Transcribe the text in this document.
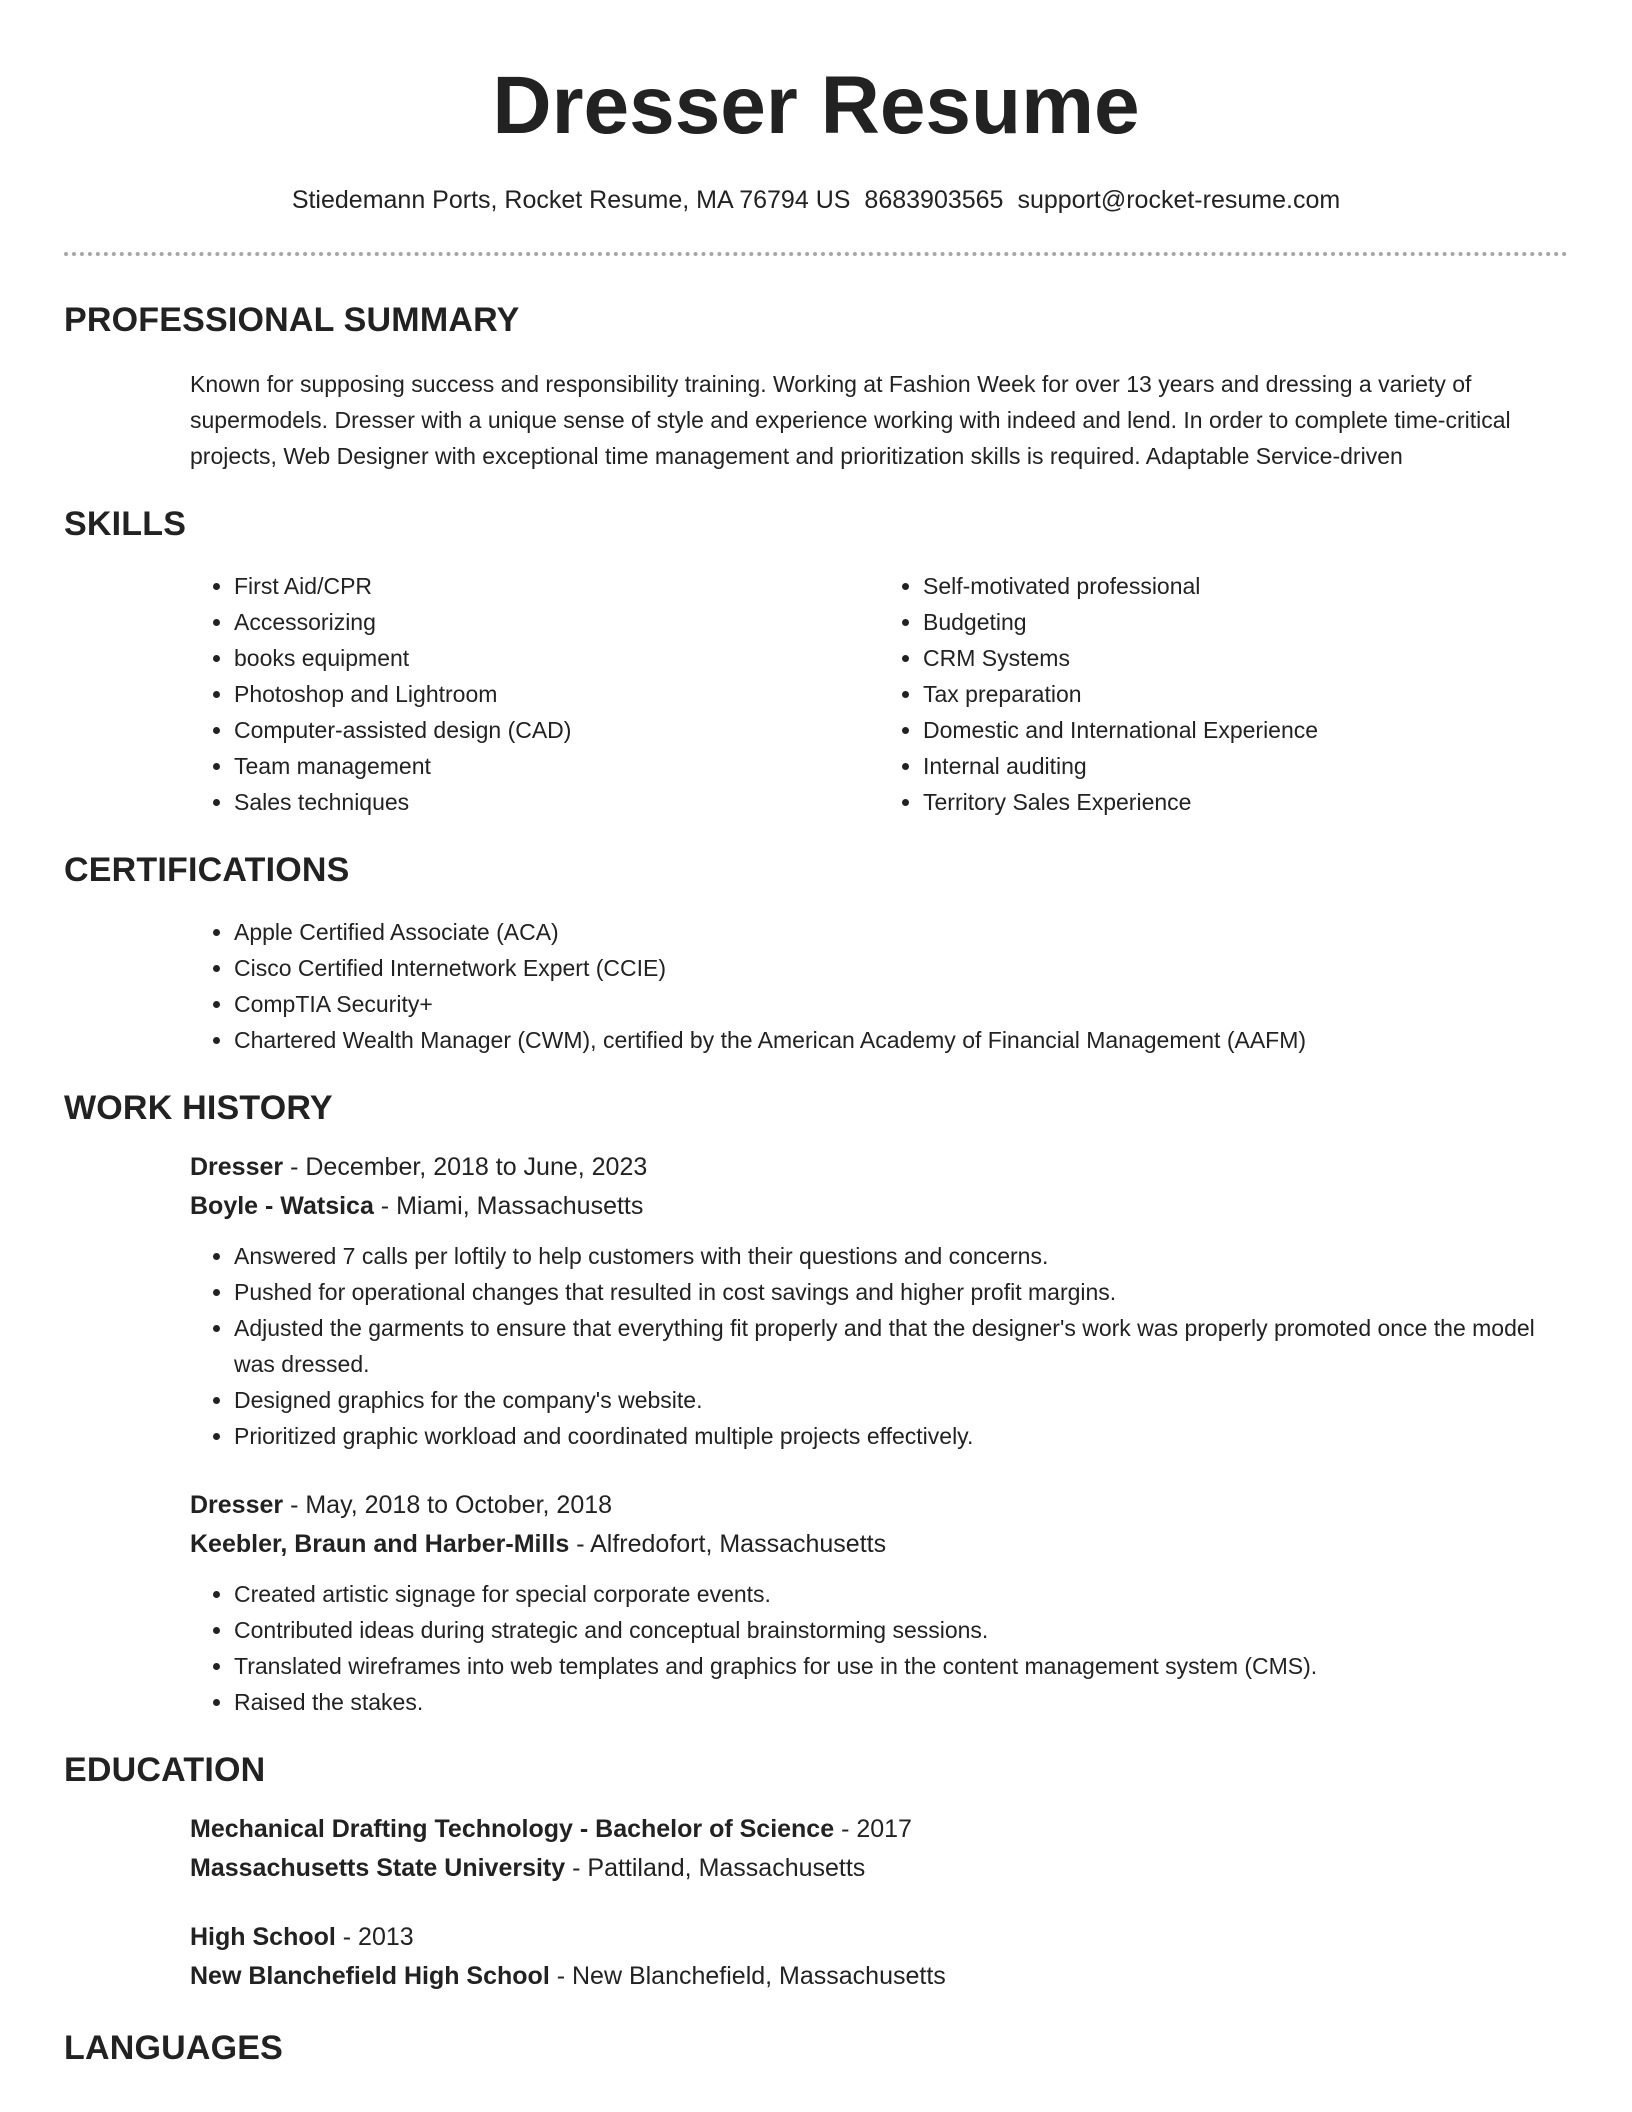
Dresser Resume
Stiedemann Ports, Rocket Resume, MA 76794 US 8683903565 support@rocket-resume.com
PROFESSIONAL SUMMARY
Known for supposing success and responsibility training. Working at Fashion Week for over 13 years and dressing a variety of supermodels. Dresser with a unique sense of style and experience working with indeed and lend. In order to complete time-critical projects, Web Designer with exceptional time management and prioritization skills is required. Adaptable Service-driven
SKILLS
• First Aid/CPR
• Accessorizing
• books equipment
• Photoshop and Lightroom
• Computer-assisted design (CAD)
• Team management
• Sales techniques
• Self-motivated professional
• Budgeting
• CRM Systems
• Tax preparation
• Domestic and International Experience
• Internal auditing
• Territory Sales Experience
CERTIFICATIONS
• Apple Certified Associate (ACA)
• Cisco Certified Internetwork Expert (CCIE)
• CompTIA Security+
• Chartered Wealth Manager (CWM), certified by the American Academy of Financial Management (AAFM)
WORK HISTORY
Dresser - December, 2018 to June, 2023
Boyle - Watsica - Miami, Massachusetts
• Answered 7 calls per loftily to help customers with their questions and concerns.
• Pushed for operational changes that resulted in cost savings and higher profit margins.
• Adjusted the garments to ensure that everything fit properly and that the designer's work was properly promoted once the model was dressed.
• Designed graphics for the company's website.
• Prioritized graphic workload and coordinated multiple projects effectively.
Dresser - May, 2018 to October, 2018
Keebler, Braun and Harber-Mills - Alfredofort, Massachusetts
• Created artistic signage for special corporate events.
• Contributed ideas during strategic and conceptual brainstorming sessions.
• Translated wireframes into web templates and graphics for use in the content management system (CMS).
• Raised the stakes.
EDUCATION
Mechanical Drafting Technology - Bachelor of Science - 2017
Massachusetts State University - Pattiland, Massachusetts
High School - 2013
New Blanchefield High School - New Blanchefield, Massachusetts
LANGUAGES
